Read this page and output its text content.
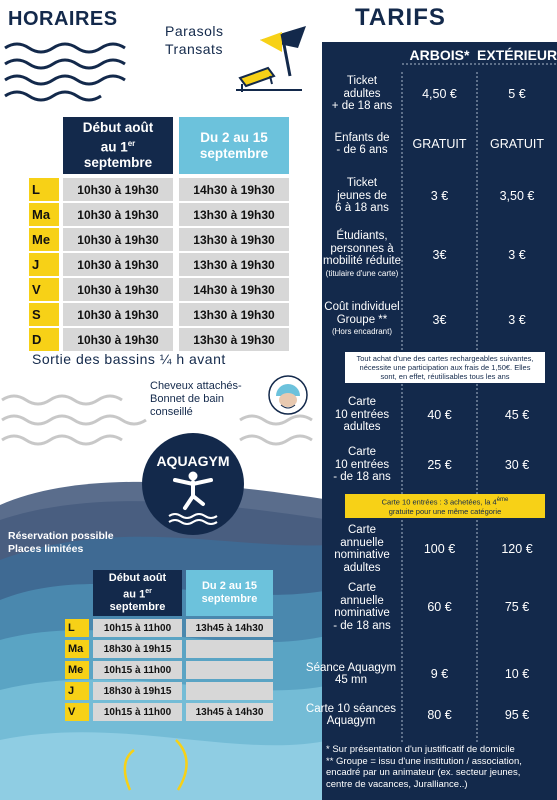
HORAIRES
Parasols
Transats
Début août
au 1er
septembre
Du 2 au 15
septembre
L	10h30 à 19h30	14h30 à 19h30
Ma	10h30 à 19h30	13h30 à 19h30
Me	10h30 à 19h30	13h30 à 19h30
J	10h30 à 19h30	13h30 à 19h30
V	10h30 à 19h30	14h30 à 19h30
S	10h30 à 19h30	13h30 à 19h30
D	10h30 à 19h30	13h30 à 19h30
Sortie des bassins ¼ h avant
Cheveux attachés-
Bonnet de bain
conseillé
AQUAGYM
Réservation possible
Places limitées
Début août
au 1er
septembre
Du 2 au 15
septembre
L	10h15 à 11h00	13h45 à 14h30
Ma	18h30 à 19h15
Me	10h15 à 11h00
J	18h30 à 19h15
V	10h15 à 11h00	13h45 à 14h30
TARIFS
ARBOIS* EXTÉRIEUR
Ticket
adultes
+ de 18 ans
4,50 €	5 €
Enfants de
- de 6 ans	GRATUIT	GRATUIT
Ticket
jeunes de
6 à 18 ans
3 €	3,50 €
Étudiants,
personnes à
mobilité réduite
(titulaire d'une carte)
3€	3 €
Coût individuel
Groupe **
(Hors encadrant)
3€	3 €
Tout achat d'une des cartes rechargeables suivantes,
nécessite une participation aux frais de 1,50€. Elles
sont, en effet, réutilisables tous les ans
Carte
10 entrées
adultes
40 €	45 €
Carte
10 entrées
- de 18 ans
25 €	30 €
Carte 10 entrées : 3 achetées, la 4ème
gratuite pour une même catégorie
Carte
annuelle
nominative
adultes
100 €	120 €
Carte
annuelle
nominative
- de 18 ans
60 €	75 €
Séance Aquagym
45 mn	9 €	10 €
Carte 10 séances
Aquagym	80 €	95 €
* Sur présentation d'un justificatif de domicile
** Groupe = issu d'une institution / association,
encadré par un animateur (ex. secteur jeunes,
centre de vacances, Juralliance..)
